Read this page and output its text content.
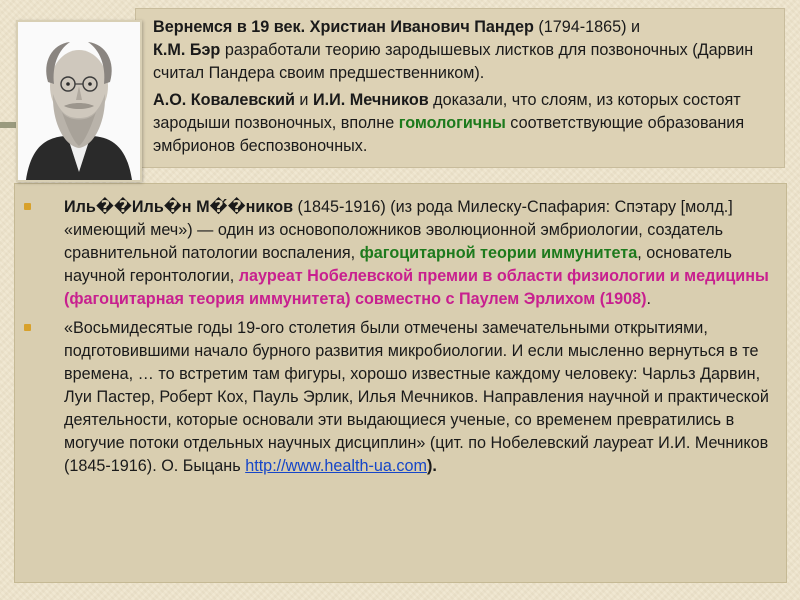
Вернемся в 19 век. Христиан Иванович Пандер (1794-1865) и
К.М. Бэр разработали теорию зародышевых листков для позвоночных (Дарвин считал Пандера своим предшественником).

А.О. Ковалевский и И.И. Мечников доказали, что слоям, из которых состоят зародыши позвоночных, вполне гомологичны соответствующие образования эмбрионов беспозвоночных.

Иль��Иль�н М�́�ников (1845-1916) (из рода Милеску-Спафария: Спэтару [молд.] «имеющий меч») — один из основоположников эволюционной эмбриологии, создатель сравнительной патологии воспаления, фагоцитарной теории иммунитета, основатель научной геронтологии, лауреат Нобелевской премии в области физиологии и медицины
(фагоцитарная теория иммунитета) совместно с Паулем Эрлихом (1908).
«Восьмидесятые годы 19-ого столетия были отмечены замечательными открытиями, подготовившими начало бурного развития микробиологии. И если мысленно вернуться в те времена, … то встретим там фигуры, хорошо известные каждому человеку: Чарльз Дарвин, Луи Пастер, Роберт Кох, Пауль Эрлик, Илья Мечников. Направления научной и практической деятельности, которые основали эти выдающиеся ученые, со временем превратились в могучие потоки отдельных научных дисциплин» (цит. по Нобелевский лауреат И.И. Мечников (1845-1916). О. Быцань http://www.health-ua.com).
